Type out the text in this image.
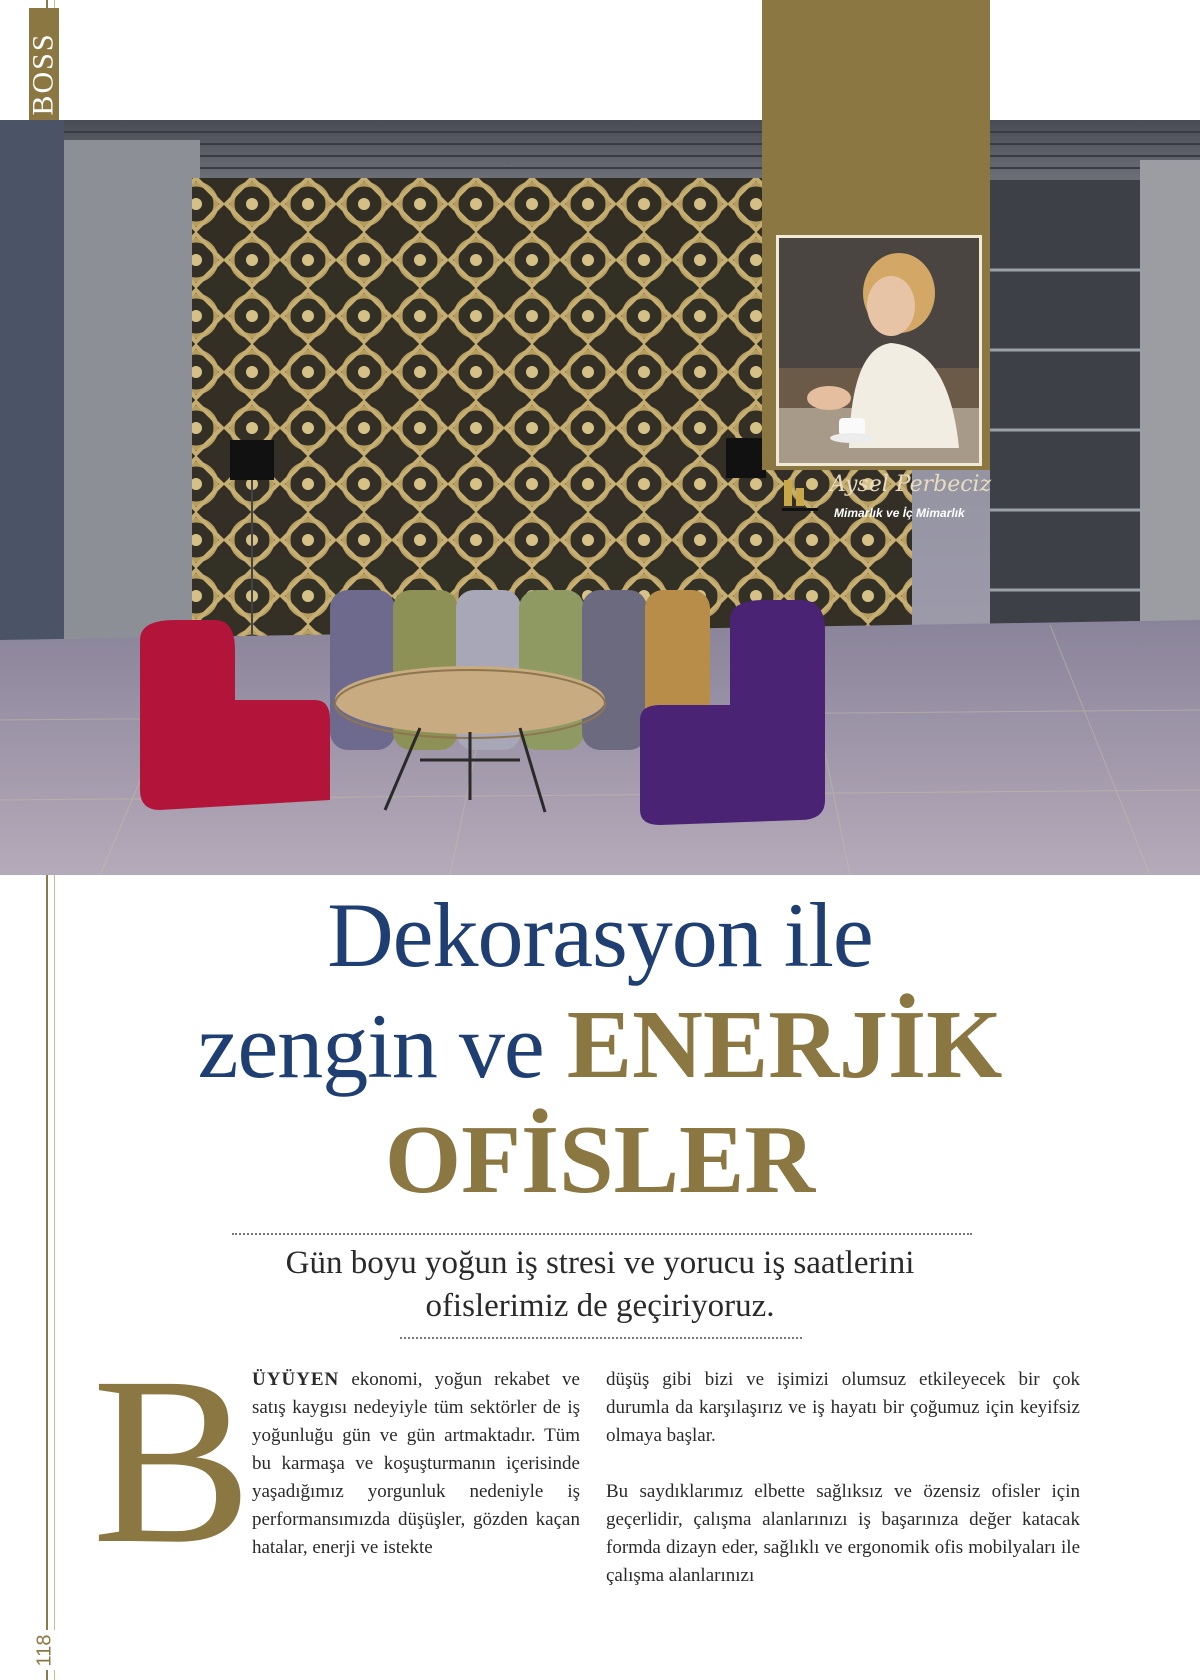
BOSS
118
Aysel Perbeciz
Mimarlık ve İç Mimarlık
Dekorasyon ile
zengin ve ENERJİK
OFİSLER
Gün boyu yoğun iş stresi ve yorucu iş saatlerini
ofislerimiz de geçiriyoruz.
B ÜYÜYEN ekonomi, yoğun rekabet ve satış kaygısı nedeyiyle tüm sektörler de iş yoğunluğu gün ve gün artmaktadır. Tüm bu karmaşa ve koşuşturmanın içerisinde yaşadığımız yorgunluk nedeniyle iş performansımızda düşüşler, gözden kaçan hatalar, enerji ve istekte

düşüş gibi bizi ve işimizi olumsuz etkileyecek bir çok durumla da karşılaşırız ve iş hayatı bir çoğumuz için keyifsiz olmaya başlar.

Bu saydıklarımız elbette sağlıksız ve özensiz ofisler için geçerlidir, çalışma alanlarınızı iş başarınıza değer katacak formda dizayn eder, sağlıklı ve ergonomik ofis mobilyaları ile çalışma alanlarınızı
